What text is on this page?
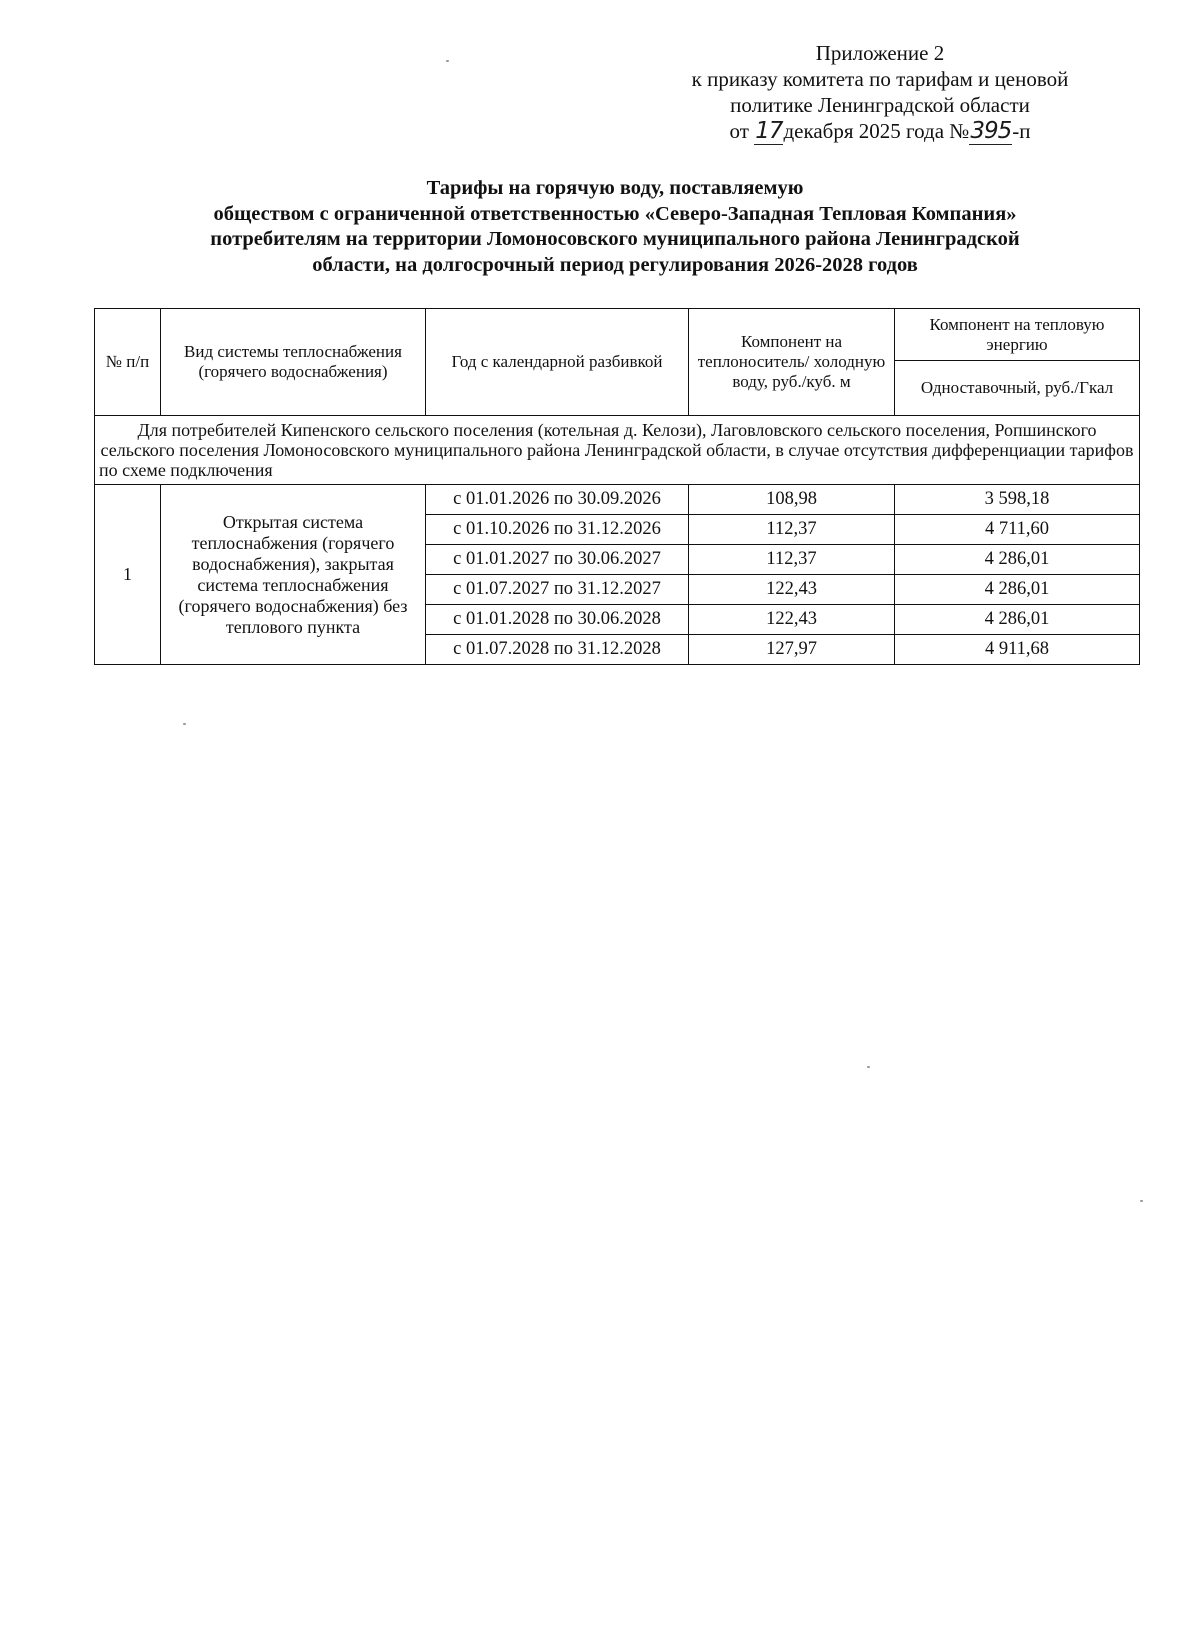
Приложение 2
к приказу комитета по тарифам и ценовой
политике Ленинградской области
от 17декабря 2025 года №395-п
Тарифы на горячую воду, поставляемую
обществом с ограниченной ответственностью «Северо-Западная Тепловая Компания»
потребителям на территории Ломоносовского муниципального района Ленинградской
области, на долгосрочный период регулирования 2026-2028 годов
№ п/п	Вид системы теплоснабжения (горячего водоснабжения)	Год с календарной разбивкой	Компонент на теплоноситель/ холодную воду, руб./куб. м	Компонент на тепловую энергию
				Одноставочный, руб./Гкал
Для потребителей Кипенского сельского поселения (котельная д. Келози), Лаговловского сельского поселения, Ропшинского сельского поселения Ломоносовского муниципального района Ленинградской области, в случае отсутствия дифференциации тарифов по схеме подключения				
1	Открытая система теплоснабжения (горячего водоснабжения), закрытая система теплоснабжения (горячего водоснабжения) без теплового пункта	с 01.01.2026 по 30.09.2026	108,98	3 598,18
		с 01.10.2026 по 31.12.2026	112,37	4 711,60
		с 01.01.2027 по 30.06.2027	112,37	4 286,01
		с 01.07.2027 по 31.12.2027	122,43	4 286,01
		с 01.01.2028 по 30.06.2028	122,43	4 286,01
		с 01.07.2028 по 31.12.2028	127,97	4 911,68
